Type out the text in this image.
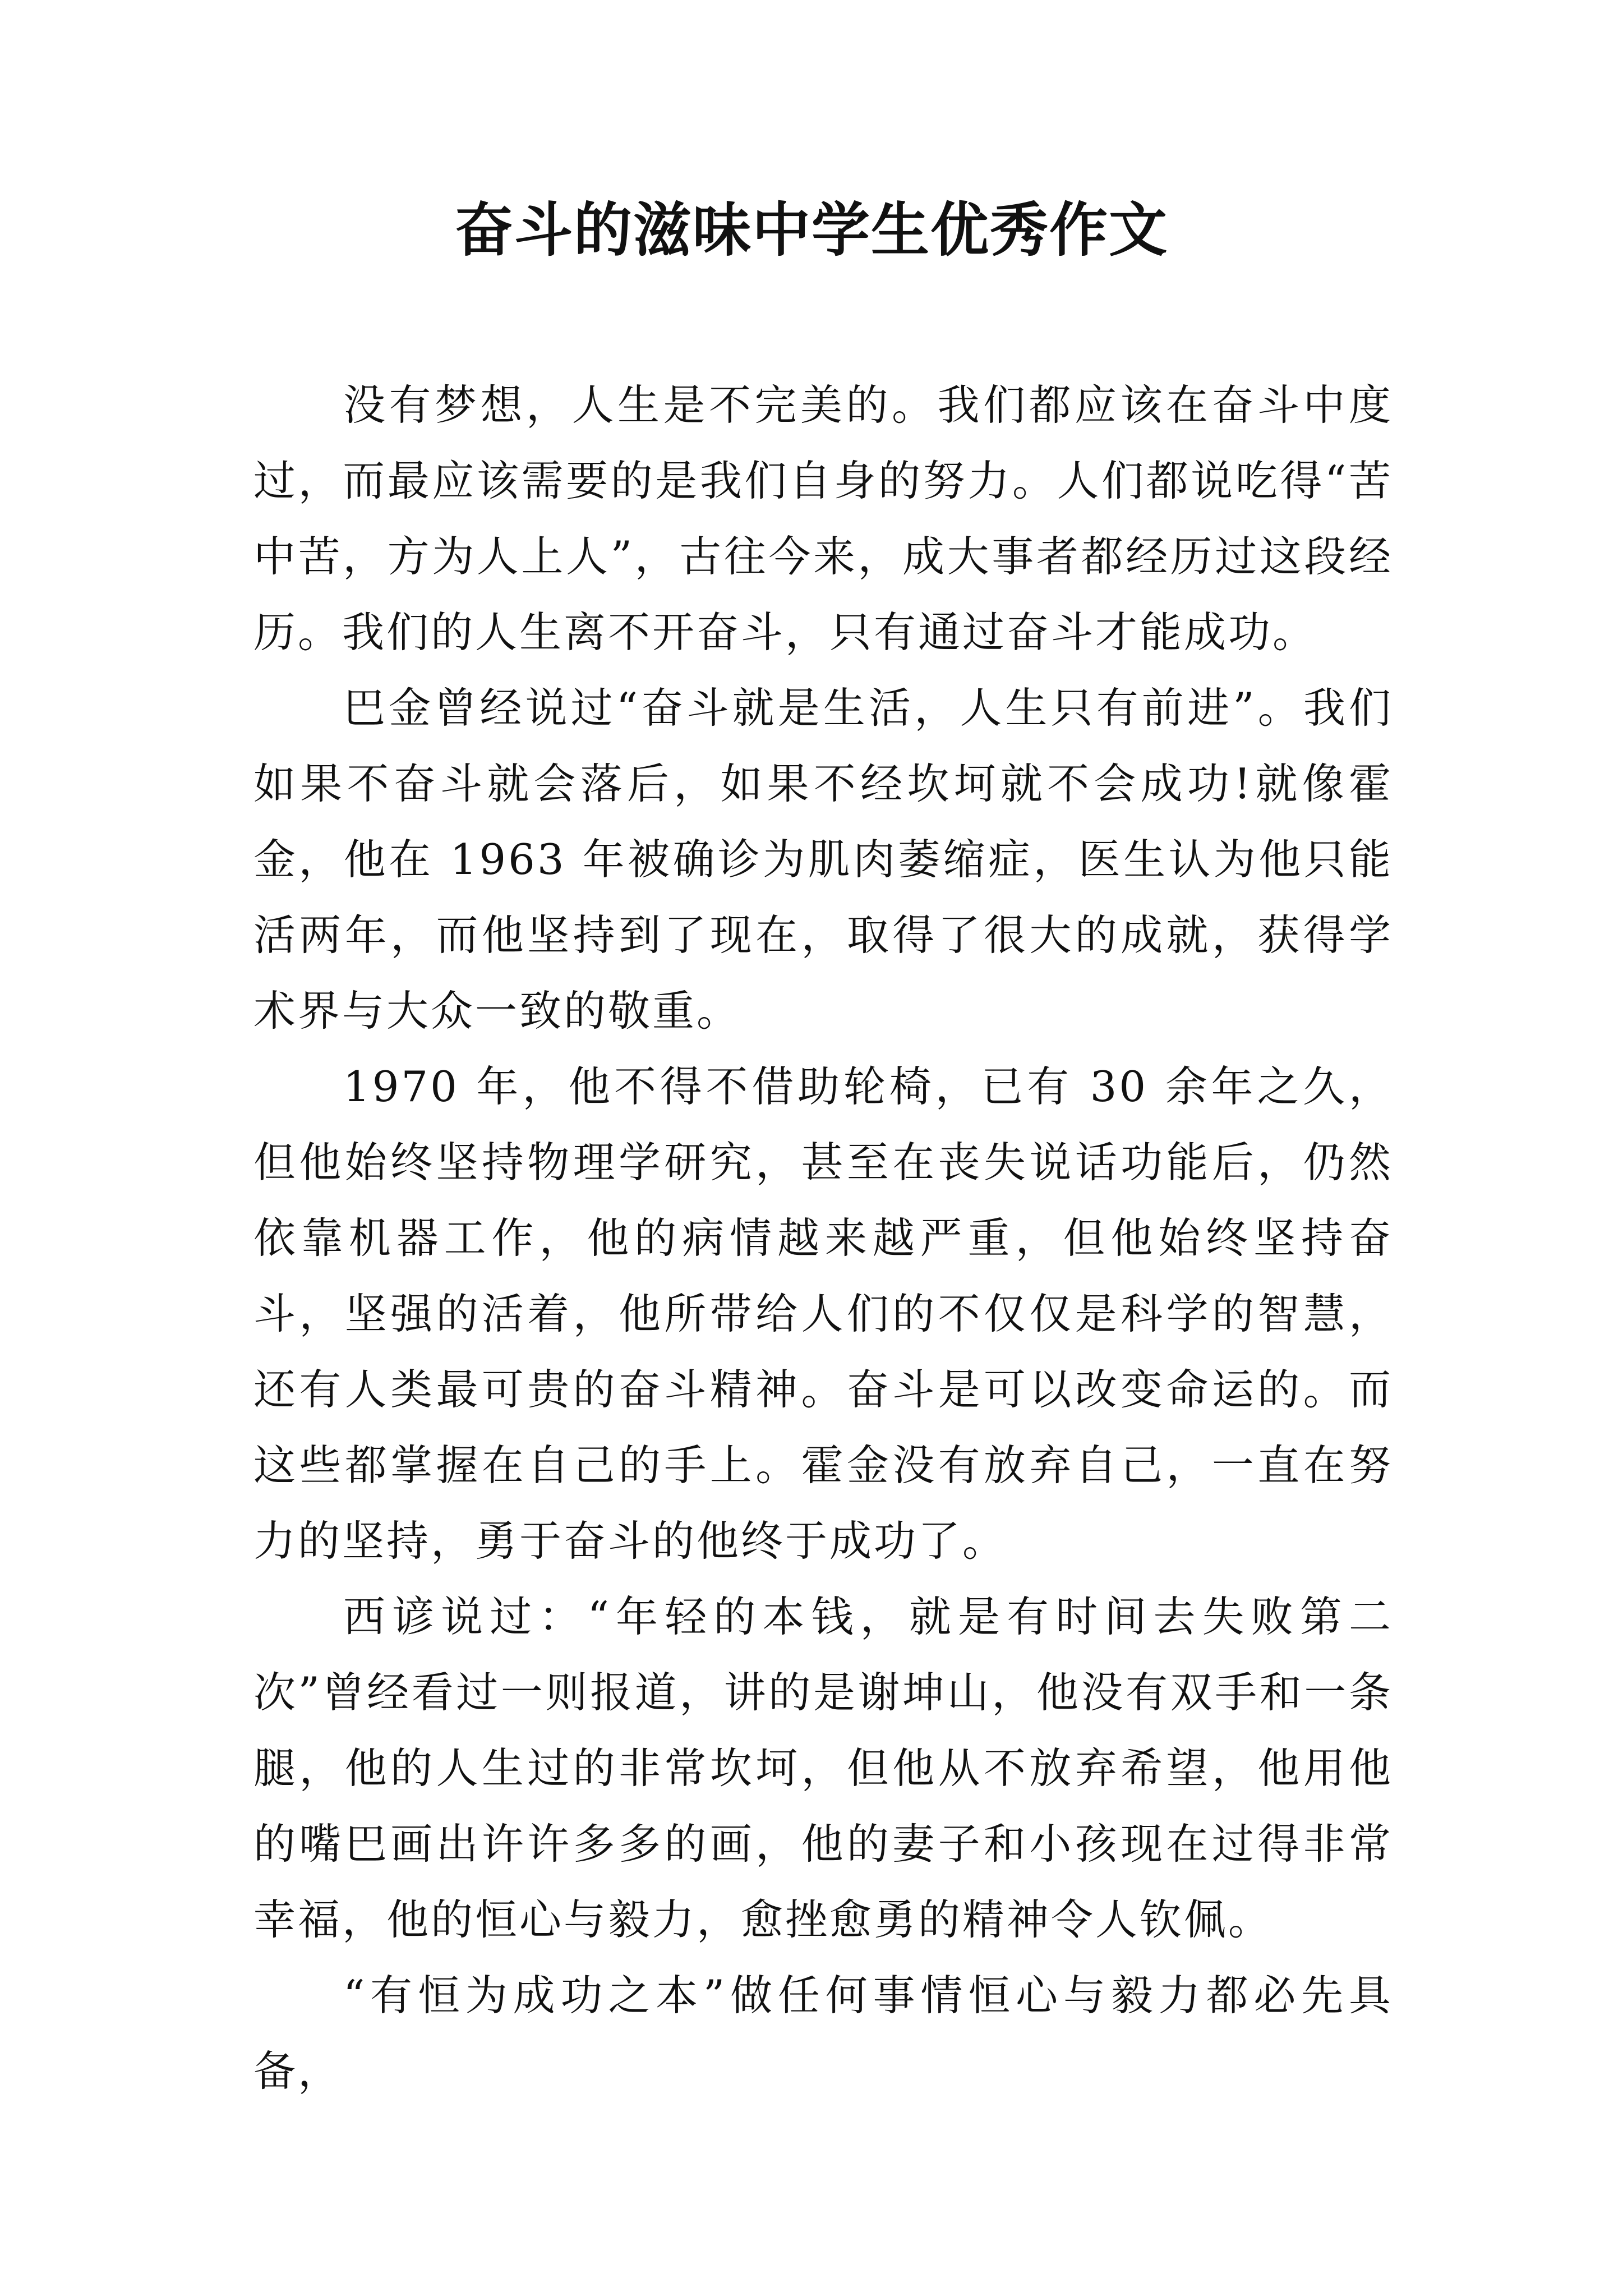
奋斗的滋味中学生优秀作文

没有梦想，人生是不完美的。我们都应该在奋斗中度过，而最应该需要的是我们自身的努力。人们都说吃得“苦中苦，方为人上人”，古往今来，成大事者都经历过这段经历。我们的人生离不开奋斗，只有通过奋斗才能成功。

巴金曾经说过“奋斗就是生活，人生只有前进”。我们如果不奋斗就会落后，如果不经坎坷就不会成功!就像霍金，他在 1963 年被确诊为肌肉萎缩症，医生认为他只能活两年，而他坚持到了现在，取得了很大的成就，获得学术界与大众一致的敬重。

1970 年，他不得不借助轮椅，已有 30 余年之久，但他始终坚持物理学研究，甚至在丧失说话功能后，仍然依靠机器工作，他的病情越来越严重，但他始终坚持奋斗，坚强的活着，他所带给人们的不仅仅是科学的智慧，还有人类最可贵的奋斗精神。奋斗是可以改变命运的。而这些都掌握在自己的手上。霍金没有放弃自己，一直在努力的坚持，勇于奋斗的他终于成功了。

西谚说过：“年轻的本钱，就是有时间去失败第二次”曾经看过一则报道，讲的是谢坤山，他没有双手和一条腿，他的人生过的非常坎坷，但他从不放弃希望，他用他的嘴巴画出许许多多的画，他的妻子和小孩现在过得非常幸福，他的恒心与毅力，愈挫愈勇的精神令人钦佩。

“有恒为成功之本”做任何事情恒心与毅力都必先具备，
